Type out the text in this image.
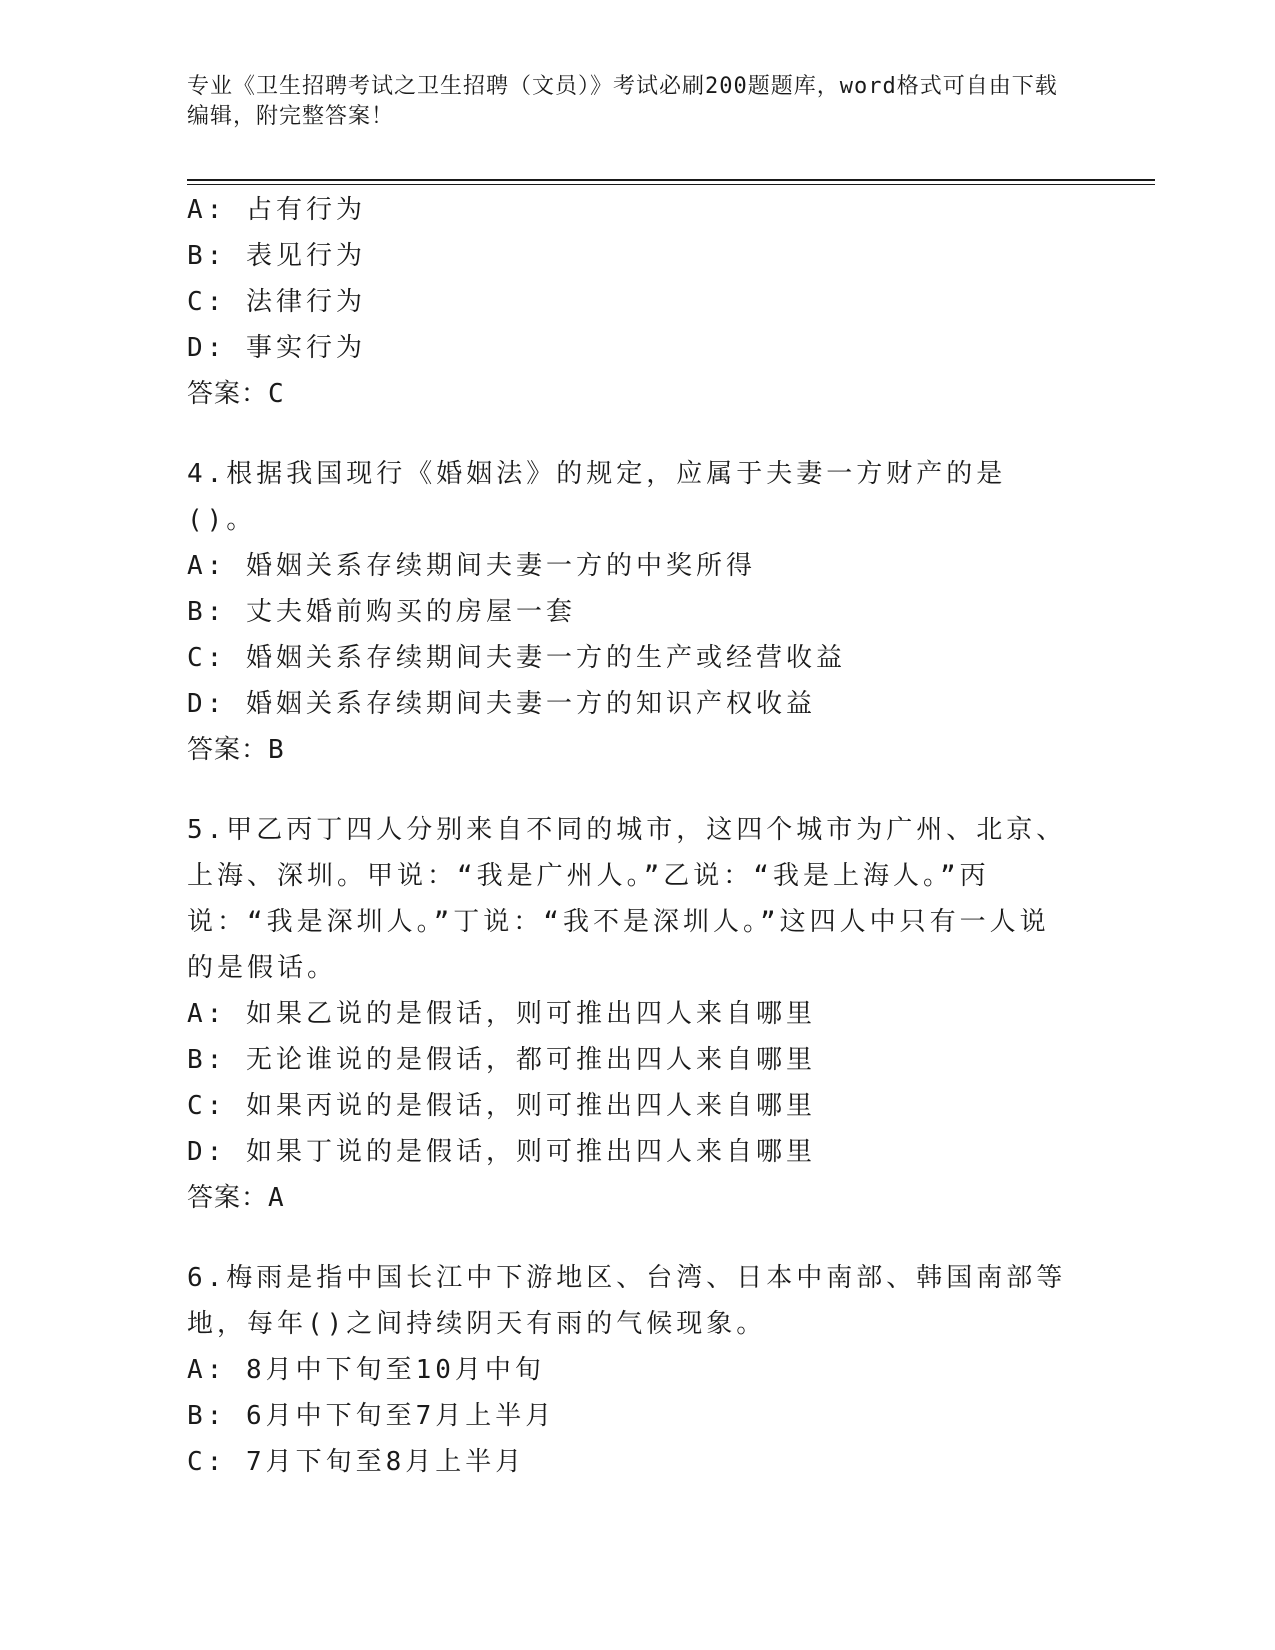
专业《卫生招聘考试之卫生招聘（文员）》考试必刷200题题库，word格式可自由下载编辑，附完整答案！
A: 占有行为
B: 表见行为
C: 法律行为
D: 事实行为
答案：C
4.根据我国现行《婚姻法》的规定，应属于夫妻一方财产的是()。
A: 婚姻关系存续期间夫妻一方的中奖所得
B: 丈夫婚前购买的房屋一套
C: 婚姻关系存续期间夫妻一方的生产或经营收益
D: 婚姻关系存续期间夫妻一方的知识产权收益
答案：B
5.甲乙丙丁四人分别来自不同的城市，这四个城市为广州、北京、上海、深圳。甲说：“我是广州人。”乙说：“我是上海人。”丙说：“我是深圳人。”丁说：“我不是深圳人。”这四人中只有一人说的是假话。
A: 如果乙说的是假话，则可推出四人来自哪里
B: 无论谁说的是假话，都可推出四人来自哪里
C: 如果丙说的是假话，则可推出四人来自哪里
D: 如果丁说的是假话，则可推出四人来自哪里
答案：A
6.梅雨是指中国长江中下游地区、台湾、日本中南部、韩国南部等地，每年()之间持续阴天有雨的气候现象。
A: 8月中下旬至10月中旬
B: 6月中下旬至7月上半月
C: 7月下旬至8月上半月
